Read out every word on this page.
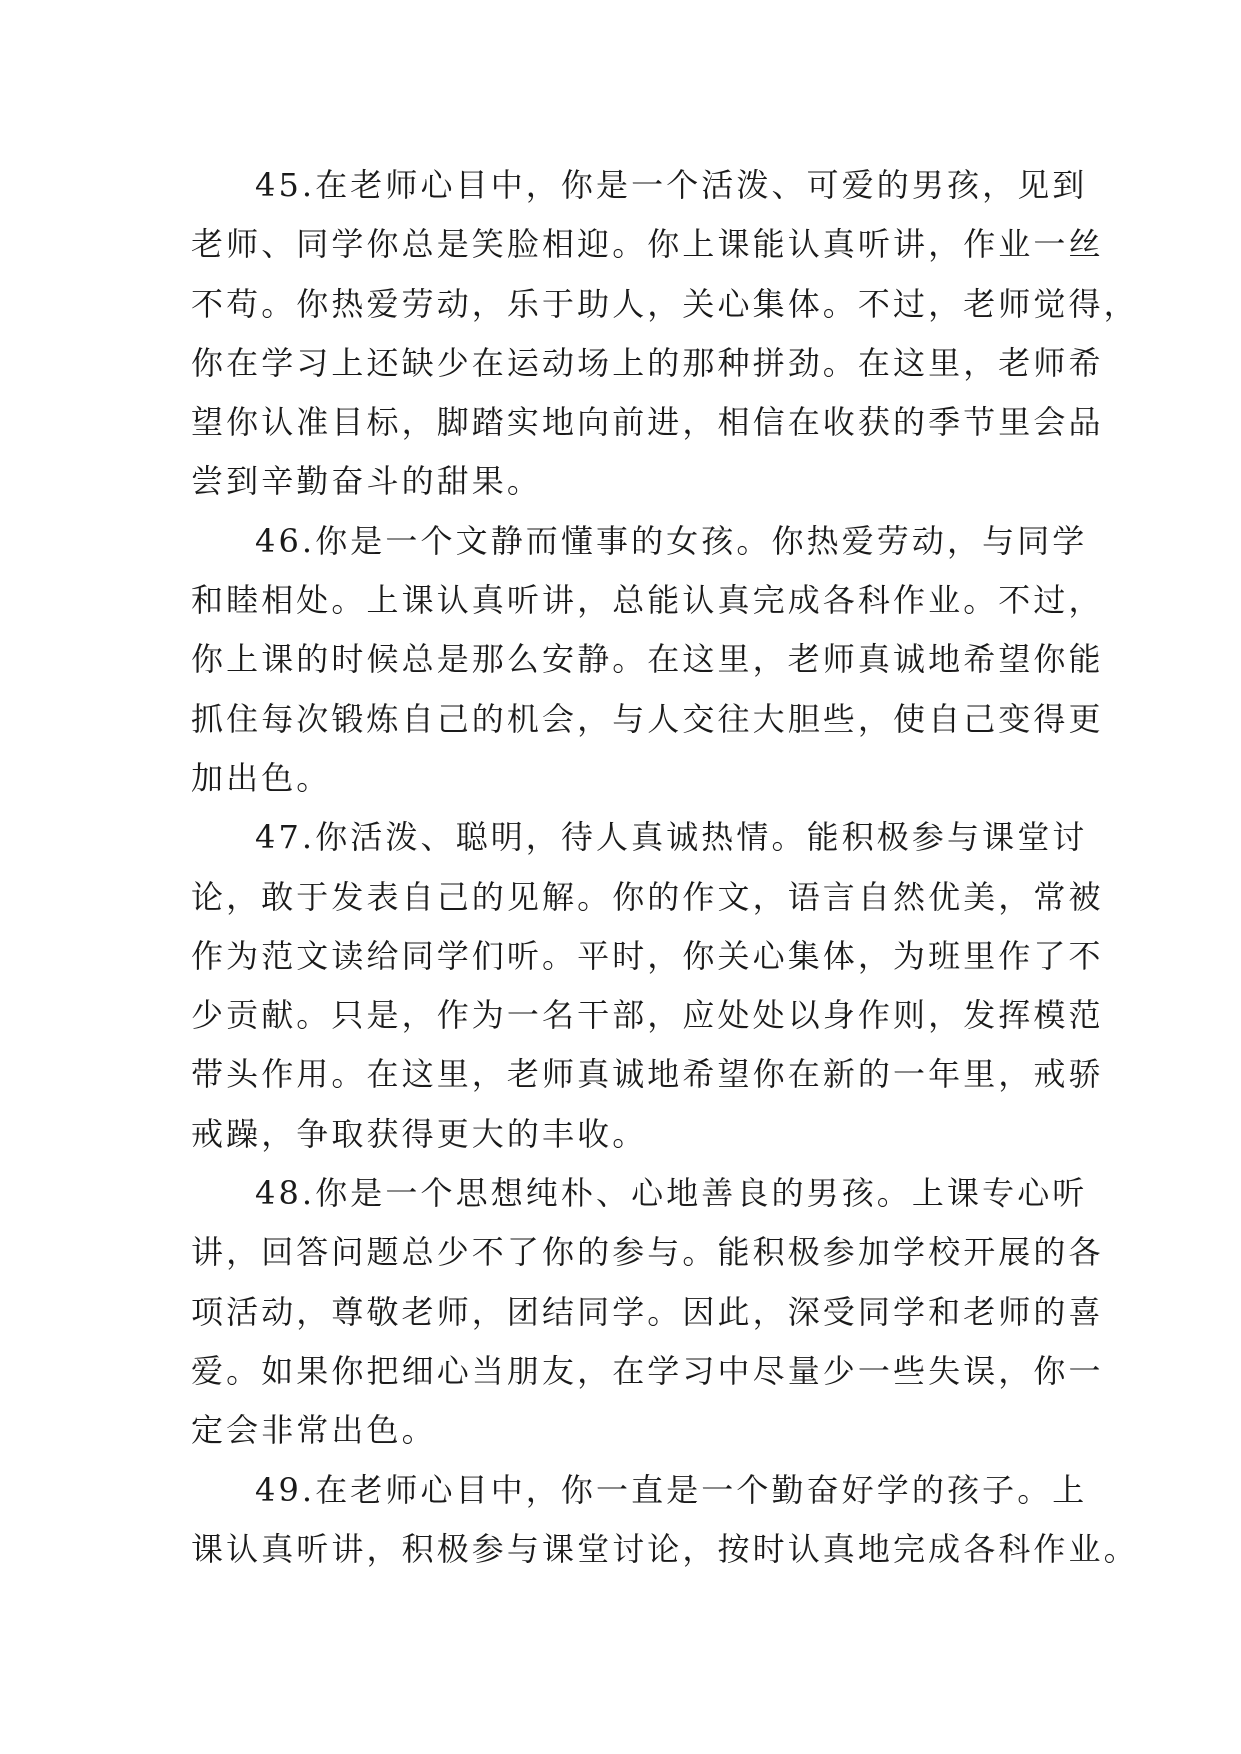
45.在老师心目中，你是一个活泼、可爱的男孩，见到
老师、同学你总是笑脸相迎。你上课能认真听讲，作业一丝
不苟。你热爱劳动，乐于助人，关心集体。不过，老师觉得，
你在学习上还缺少在运动场上的那种拼劲。在这里，老师希
望你认准目标，脚踏实地向前进，相信在收获的季节里会品
尝到辛勤奋斗的甜果。

46.你是一个文静而懂事的女孩。你热爱劳动，与同学
和睦相处。上课认真听讲，总能认真完成各科作业。不过，
你上课的时候总是那么安静。在这里，老师真诚地希望你能
抓住每次锻炼自己的机会，与人交往大胆些，使自己变得更
加出色。

47.你活泼、聪明，待人真诚热情。能积极参与课堂讨
论，敢于发表自己的见解。你的作文，语言自然优美，常被
作为范文读给同学们听。平时，你关心集体，为班里作了不
少贡献。只是，作为一名干部，应处处以身作则，发挥模范
带头作用。在这里，老师真诚地希望你在新的一年里，戒骄
戒躁，争取获得更大的丰收。

48.你是一个思想纯朴、心地善良的男孩。上课专心听
讲，回答问题总少不了你的参与。能积极参加学校开展的各
项活动，尊敬老师，团结同学。因此，深受同学和老师的喜
爱。如果你把细心当朋友，在学习中尽量少一些失误，你一
定会非常出色。

49.在老师心目中，你一直是一个勤奋好学的孩子。上
课认真听讲，积极参与课堂讨论，按时认真地完成各科作业。
